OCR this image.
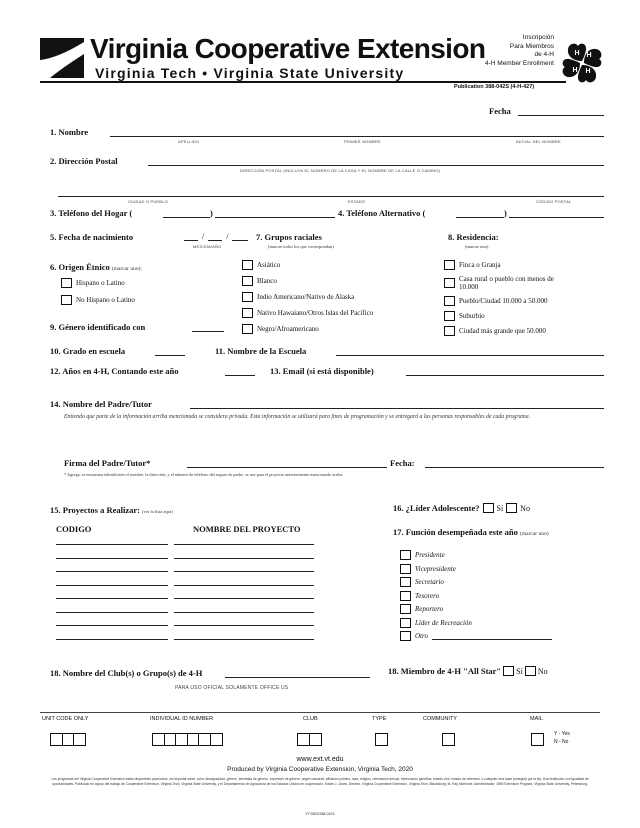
Virginia Cooperative Extension
Virginia Tech • Virginia State University
Inscripción
Para Miembros
de 4-H
4-H Member Enrollment
Publication 388-042S (4-H-427)
H H
H H
Fecha
1. Nombre
APELLIDO	PRIMER NOMBRE	INICIAL DEL NOMBRE
2. Dirección Postal
DIRECCIÓN POSTAL (INCLUYA EL NÚMERO DE LA CASA Y EL NOMBRE DE LA CALLE O CAMINO)
CIUDAD O PUEBLO	ESTADO	CÓDIGO POSTAL
3. Teléfono del Hogar (	)	4. Teléfono Alternativo (	)
5. Fecha de nacimiento	/	/
MES/DÍA/AÑO
6. Origen Étnico (marcar uno):
Hispano o Latino
No Hispano o Latino
7. Grupos raciales
(marcar todos los que correspondan)
Asiático
Blanco
Indio Americano/Nativo de Alaska
Nativo Hawaiano/Otros Islas del Pacífico
Negro/Afroamericano
8. Residencia:
(marcar uno)
Finca o Granja
Casa rural o pueblo con menos de 10.000
Pueblo/Ciudad 10.000 a 50.000
Suburbio
Ciudad más grande que 50.000
9. Género identificado con
10. Grado en escuela	11. Nombre de la Escuela
12. Años en 4-H, Contando este año	13. Email (si está disponible)
14. Nombre del Padre/Tutor
Entiendo que parte de la información arriba mencionada se considera privada. Esta información se utilizará para fines de programación y se entregará a las personas responsables de cada programa.
Firma del Padre/Tutor*	Fecha:
* Agrega, se encuentra identificado el nombre, la dirección, y el número de teléfono del seguro de padre, se use para el proyecto anteriormente mencionado arriba.
15. Proyectos a Realizar: (ver la lista aquí)
CODIGO	NOMBRE DEL PROYECTO
16. ¿Líder Adolescente? Sí No
17. Función desempeñada este año (marcar uno)
Presidente
Vicepresidente
Secretario
Tesorero
Reportero
Líder de Recreación
Otro
18. Nombre del Club(s) o Grupo(s) de 4-H
PARA USO OFICIAL SOLAMENTE OFFICE US
18. Miembro de 4-H "All Star" Sí No
UNIT CODE ONLY	INDIVIDUAL ID NUMBER	CLUB	TYPE	COMMUNITY	MAIL
Y - Yes
N - No
www.ext.vt.edu
Produced by Virginia Cooperative Extension, Virginia Tech, 2020
Los programas del Virginia Cooperative Extension están disponibles para todos, sin importar edad, color, discapacidad, género, identidad de género, expresión de género, origen nacional, afiliación política, raza, religión, orientación sexual, información genética, estado civil, estado de veterano, o cualquier otra base protegida por la ley. Una institución con igualdad de oportunidades. Publicado en apoyo del trabajo de Cooperative Extension, Virginia Tech, Virginia State University, y el Departamento de Agricultura de los Estados Unidos en cooperación. Edwin J. Jones, Director, Virginia Cooperative Extension, Virginia Tech, Blacksburg; M. Ray McKinnie, Administrador, 1890 Extension Program, Virginia State University, Petersburg.
VT/0820/388-042S
